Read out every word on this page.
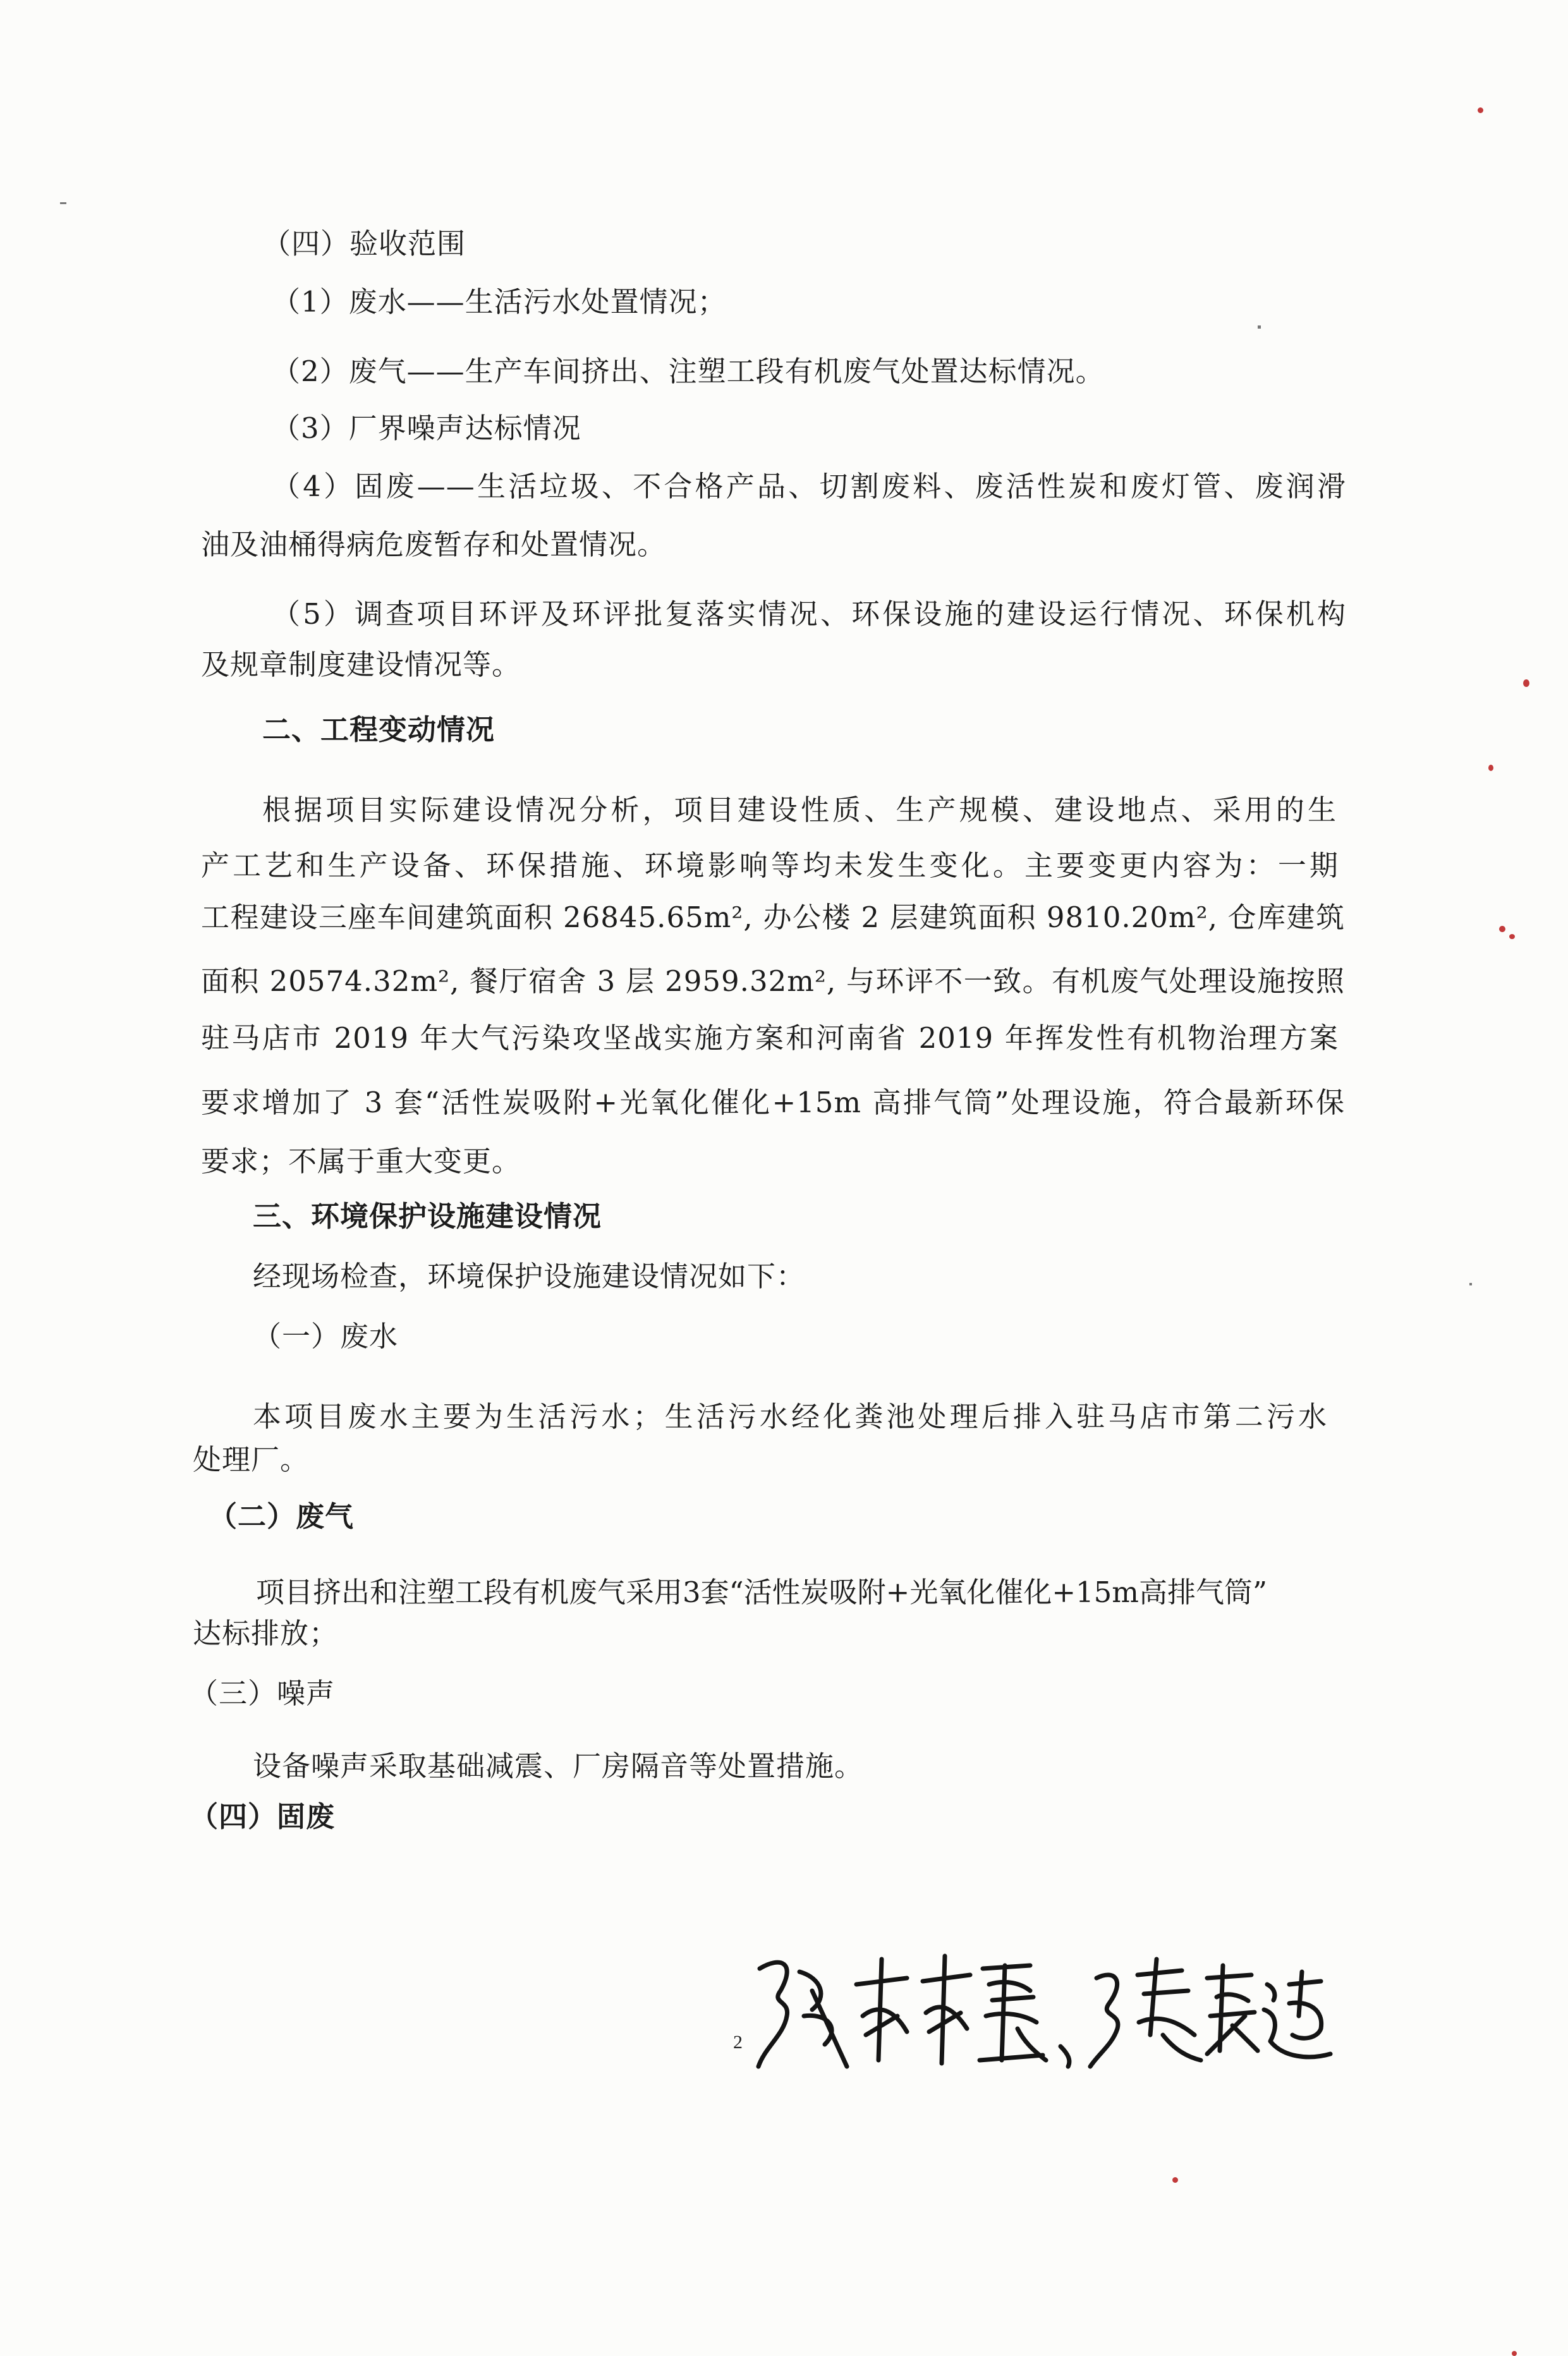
（四）验收范围
（1）废水——生活污水处置情况；
（2）废气——生产车间挤出、注塑工段有机废气处置达标情况。
（3）厂界噪声达标情况
（4）固废——生活垃圾、不合格产品、切割废料、废活性炭和废灯管、废润滑
油及油桶得病危废暂存和处置情况。
（5）调查项目环评及环评批复落实情况、环保设施的建设运行情况、环保机构
及规章制度建设情况等。
二、工程变动情况
根据项目实际建设情况分析，项目建设性质、生产规模、建设地点、采用的生
产工艺和生产设备、环保措施、环境影响等均未发生变化。主要变更内容为：一期
工程建设三座车间建筑面积 26845.65m², 办公楼 2 层建筑面积 9810.20m², 仓库建筑
面积 20574.32m², 餐厅宿舍 3 层 2959.32m², 与环评不一致。有机废气处理设施按照
驻马店市 2019 年大气污染攻坚战实施方案和河南省 2019 年挥发性有机物治理方案
要求增加了 3 套“活性炭吸附+光氧化催化+15m 高排气筒”处理设施，符合最新环保
要求；不属于重大变更。
三、环境保护设施建设情况
经现场检查，环境保护设施建设情况如下：
（一）废水
本项目废水主要为生活污水；生活污水经化粪池处理后排入驻马店市第二污水
处理厂。
（二）废气
项目挤出和注塑工段有机废气采用3套“活性炭吸附+光氧化催化+15m高排气筒”
达标排放；
（三）噪声
设备噪声采取基础减震、厂房隔音等处置措施。
（四）固废
2
